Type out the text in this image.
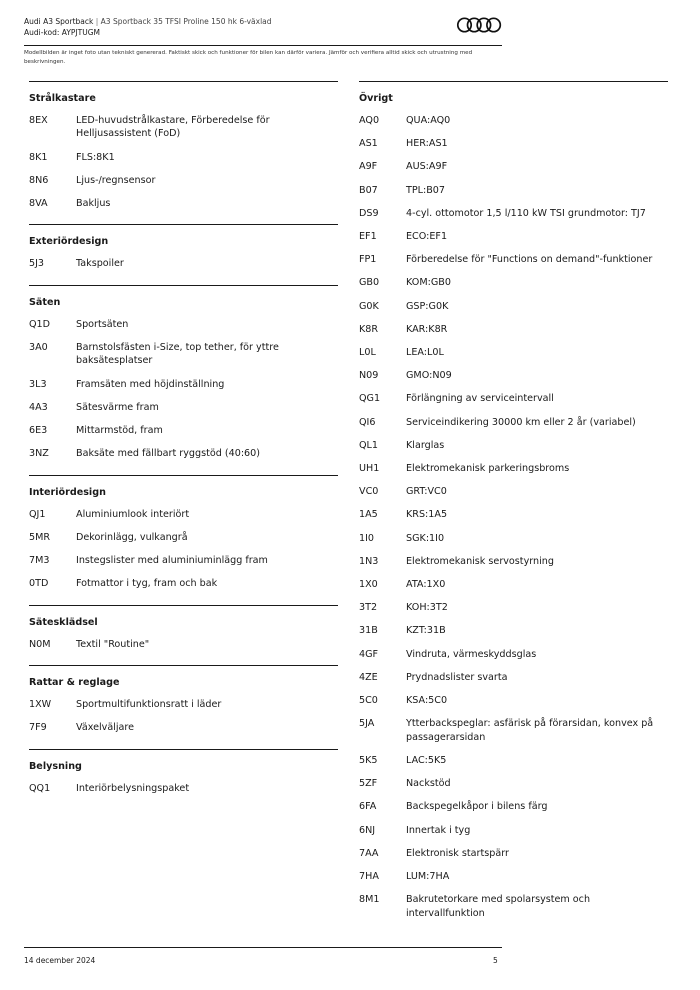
Audi A3 Sportback | A3 Sportback 35 TFSI Proline 150 hk 6-växlad
Audi-kod: AYPJTUGM
Modellbilden är inget foto utan tekniskt genererad. Faktiskt skick och funktioner för bilen kan därför variera. Jämför och verifiera alltid skick och utrustning med beskrivningen.
Strålkastare
8EX	LED-huvudstrålkastare, Förberedelse för Helljusassistent (FoD)
8K1	FLS:8K1
8N6	Ljus-/regnsensor
8VA	Bakljus
Exteriördesign
5J3	Takspoiler
Säten
Q1D	Sportsäten
3A0	Barnstolsfästen i-Size, top tether, för yttre baksätesplatser
3L3	Framsäten med höjdinställning
4A3	Sätesvärme fram
6E3	Mittarmstöd, fram
3NZ	Baksäte med fällbart ryggstöd (40:60)
Interiördesign
QJ1	Aluminiumlook interiört
5MR	Dekorinlägg, vulkangrå
7M3	Instegslister med aluminiuminlägg fram
0TD	Fotmattor i tyg, fram och bak
Sätesklädsel
N0M	Textil "Routine"
Rattar & reglage
1XW	Sportmultifunktionsratt i läder
7F9	Växelväljare
Belysning
QQ1	Interiörbelysningspaket
Övrigt
AQ0	QUA:AQ0
AS1	HER:AS1
A9F	AUS:A9F
B07	TPL:B07
DS9	4-cyl. ottomotor 1,5 l/110 kW TSI grundmotor: TJ7
EF1	ECO:EF1
FP1	Förberedelse för "Functions on demand"-funktioner
GB0	KOM:GB0
G0K	GSP:G0K
K8R	KAR:K8R
L0L	LEA:L0L
N09	GMO:N09
QG1	Förlängning av serviceintervall
QI6	Serviceindikering 30000 km eller 2 år (variabel)
QL1	Klarglas
UH1	Elektromekanisk parkeringsbroms
VC0	GRT:VC0
1A5	KRS:1A5
1I0	SGK:1I0
1N3	Elektromekanisk servostyrning
1X0	ATA:1X0
3T2	KOH:3T2
31B	KZT:31B
4GF	Vindruta, värmeskyddsglas
4ZE	Prydnadslister svarta
5C0	KSA:5C0
5JA	Ytterbackspeglar: asfärisk på förarsidan, konvex på passagerarsidan
5K5	LAC:5K5
5ZF	Nackstöd
6FA	Backspegelkåpor i bilens färg
6NJ	Innertak i tyg
7AA	Elektronisk startspärr
7HA	LUM:7HA
8M1	Bakrutetorkare med spolarsystem och intervallfunktion
14 december 2024	5
